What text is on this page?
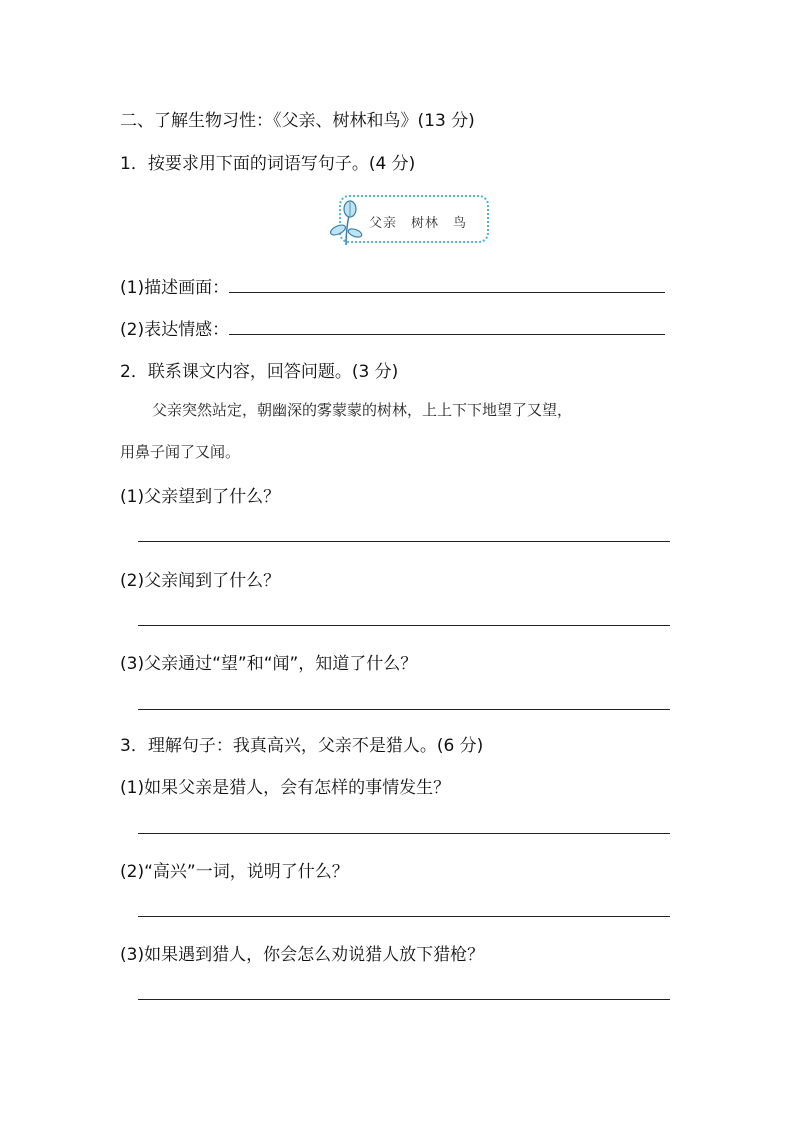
二、了解生物习性：《父亲、树林和鸟》(13 分)
1．按要求用下面的词语写句子。(4 分)
父亲　树林　鸟
(1)描述画面：
(2)表达情感：
2．联系课文内容，回答问题。(3 分)
父亲突然站定，朝幽深的雾蒙蒙的树林，上上下下地望了又望，
用鼻子闻了又闻。
(1)父亲望到了什么？
(2)父亲闻到了什么？
(3)父亲通过“望”和“闻”，知道了什么？
3．理解句子：我真高兴，父亲不是猎人。(6 分)
(1)如果父亲是猎人，会有怎样的事情发生？
(2)“高兴”一词，说明了什么？
(3)如果遇到猎人，你会怎么劝说猎人放下猎枪？
